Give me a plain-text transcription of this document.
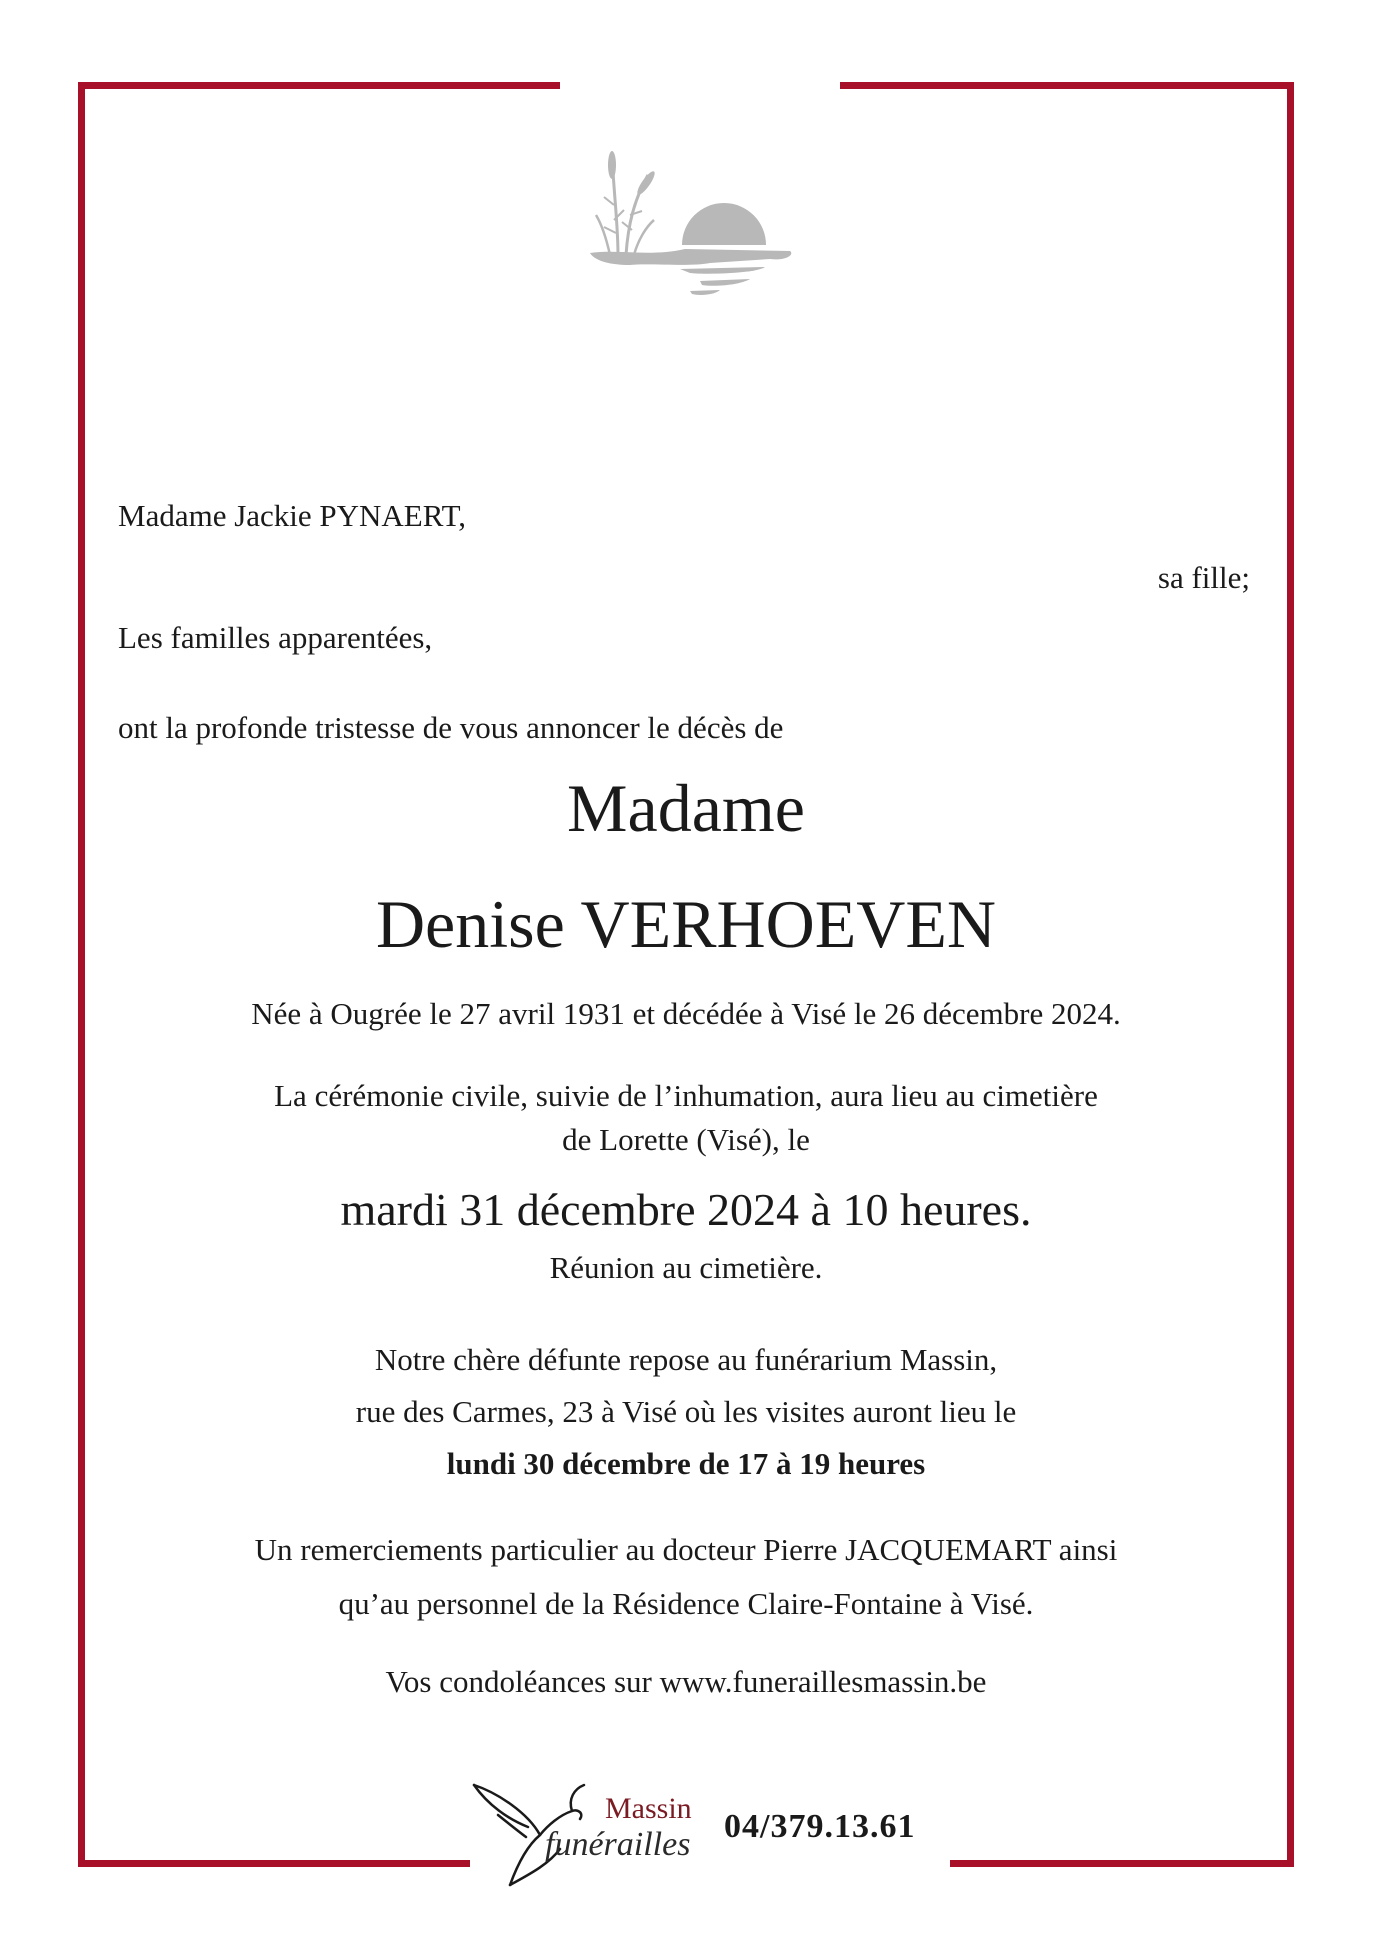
Madame Jackie PYNAERT,
sa fille;
Les familles apparentées,
ont la profonde tristesse de vous annoncer le décès de
Madame
Denise VERHOEVEN
Née à Ougrée le 27 avril 1931 et décédée à Visé le 26 décembre 2024.
La cérémonie civile, suivie de l’inhumation, aura lieu au cimetière
de Lorette (Visé), le
mardi 31 décembre 2024 à 10 heures.
Réunion au cimetière.
Notre chère défunte repose au funérarium Massin,
rue des Carmes, 23 à Visé où les visites auront lieu le
lundi 30 décembre de 17 à 19 heures
Un remerciements particulier au docteur Pierre JACQUEMART ainsi
qu’au personnel de la Résidence Claire-Fontaine à Visé.
Vos condoléances sur www.funeraillesmassin.be
Massin
funérailles 04/379.13.61
